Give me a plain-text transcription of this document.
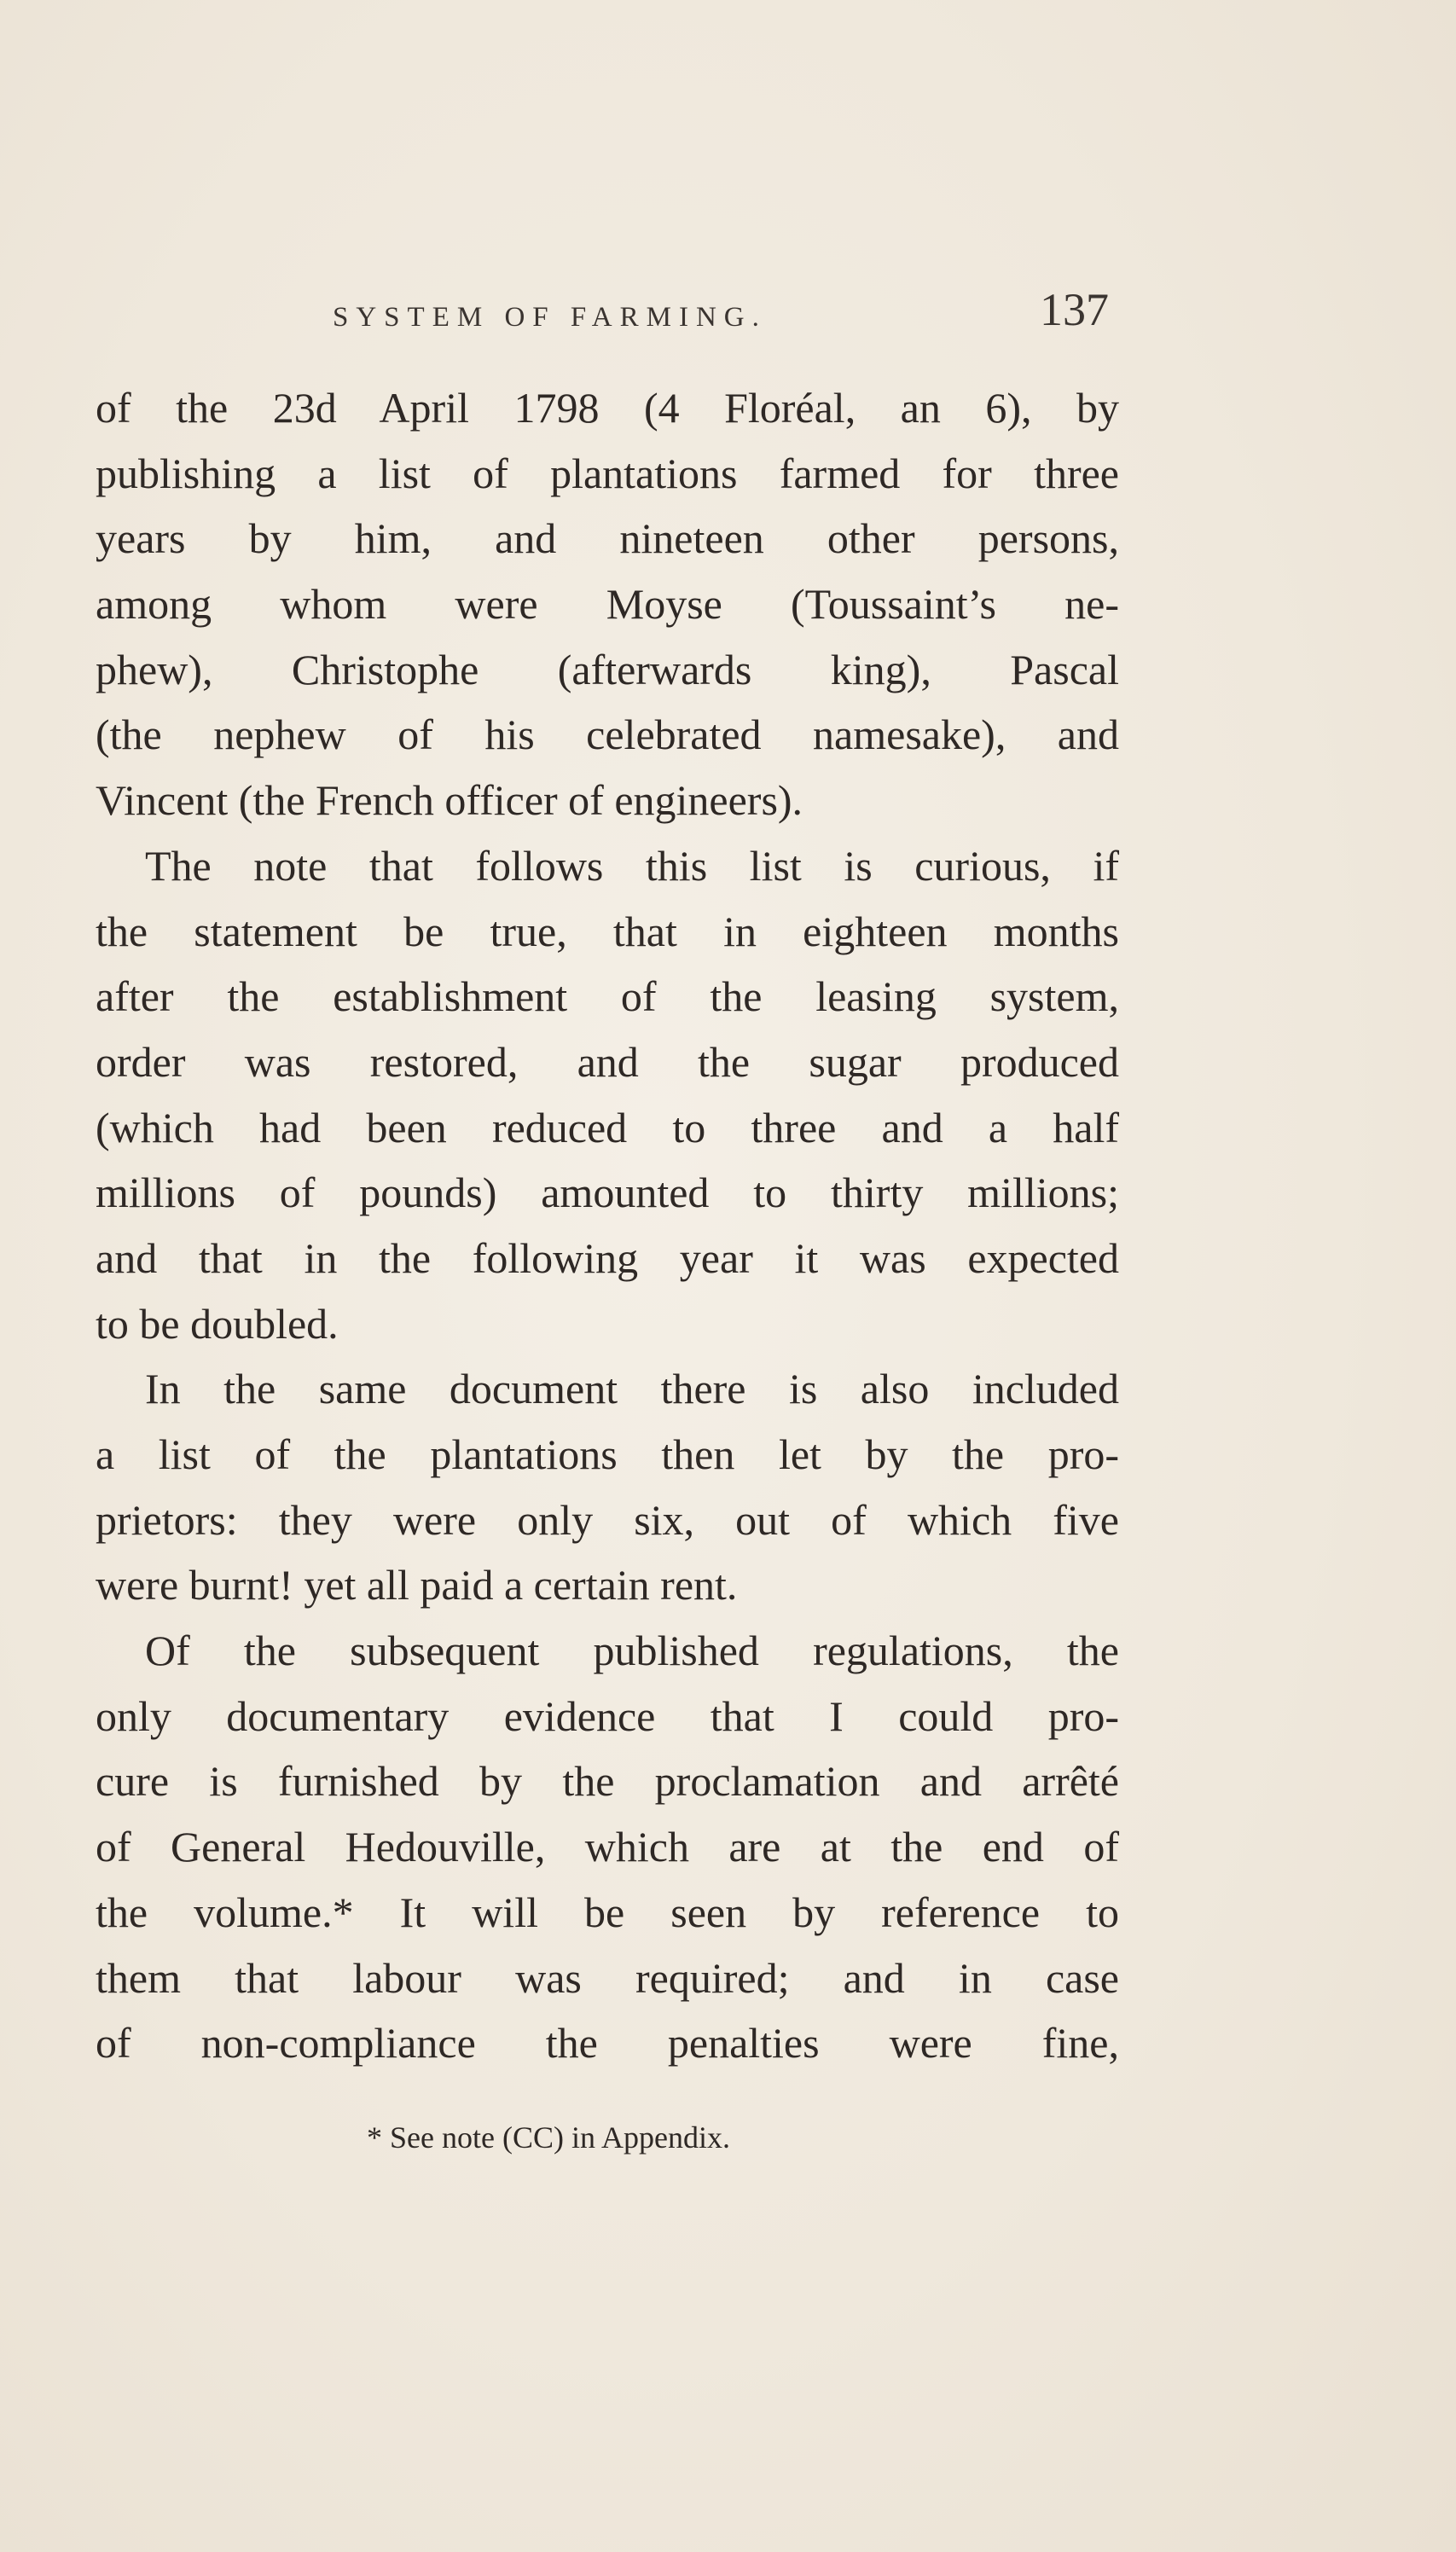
SYSTEM OF FARMING.	137
of the 23d April 1798 (4 Floréal, an 6), by
publishing a list of plantations farmed for three
years by him, and nineteen other persons,
among whom were Moyse (Toussaint’s ne-
phew), Christophe (afterwards king), Pascal
(the nephew of his celebrated namesake), and
Vincent (the French officer of engineers).
The note that follows this list is curious, if
the statement be true, that in eighteen months
after the establishment of the leasing system,
order was restored, and the sugar produced
(which had been reduced to three and a half
millions of pounds) amounted to thirty millions;
and that in the following year it was expected
to be doubled.
In the same document there is also included
a list of the plantations then let by the pro-
prietors: they were only six, out of which five
were burnt! yet all paid a certain rent.
Of the subsequent published regulations, the
only documentary evidence that I could pro-
cure is furnished by the proclamation and arrêté
of General Hedouville, which are at the end of
the volume.* It will be seen by reference to
them that labour was required; and in case
of non-compliance the penalties were fine,
* See note (CC) in Appendix.
